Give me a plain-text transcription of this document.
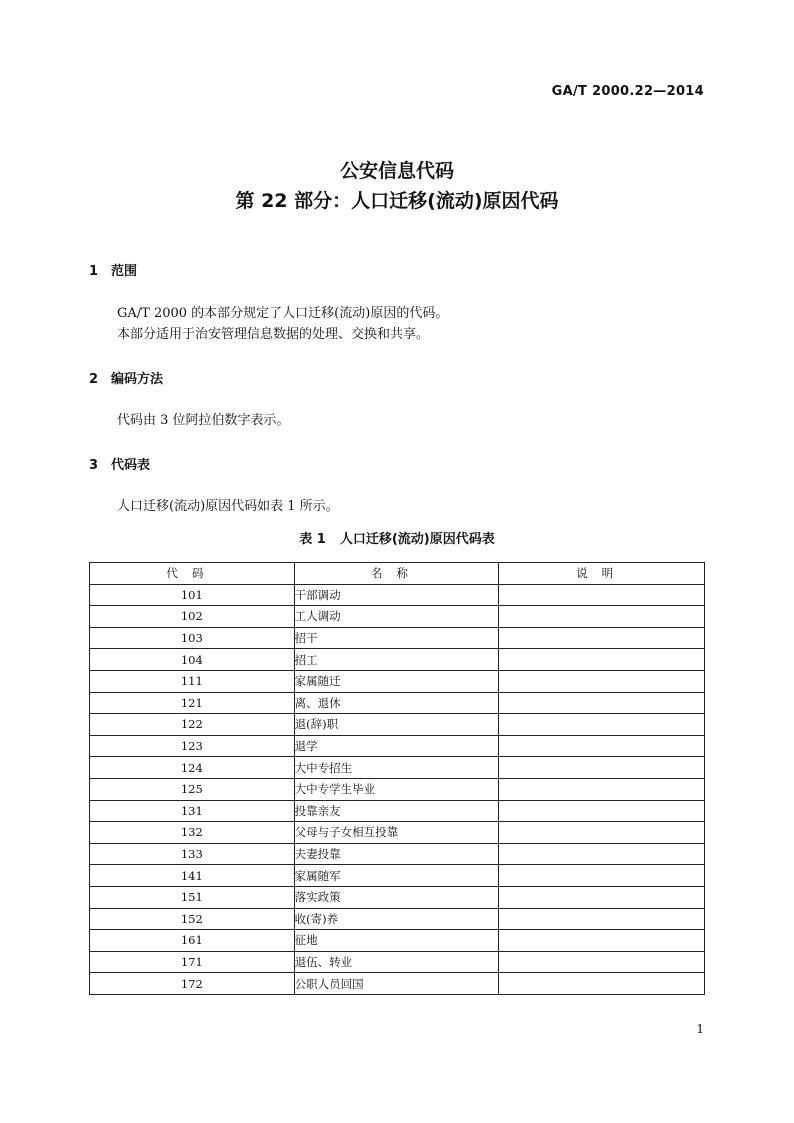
GA/T 2000.22—2014
公安信息代码
第 22 部分：人口迁移(流动)原因代码
1 范围
GA/T 2000 的本部分规定了人口迁移(流动)原因的代码。
本部分适用于治安管理信息数据的处理、交换和共享。
2 编码方法
代码由 3 位阿拉伯数字表示。
3 代码表
人口迁移(流动)原因代码如表 1 所示。
表 1 人口迁移(流动)原因代码表
代码	名称	说明
101	干部调动	
102	工人调动	
103	招干	
104	招工	
111	家属随迁	
121	离、退休	
122	退(辞)职	
123	退学	
124	大中专招生	
125	大中专学生毕业	
131	投靠亲友	
132	父母与子女相互投靠	
133	夫妻投靠	
141	家属随军	
151	落实政策	
152	收(寄)养	
161	征地	
171	退伍、转业	
172	公职人员回国	
1
